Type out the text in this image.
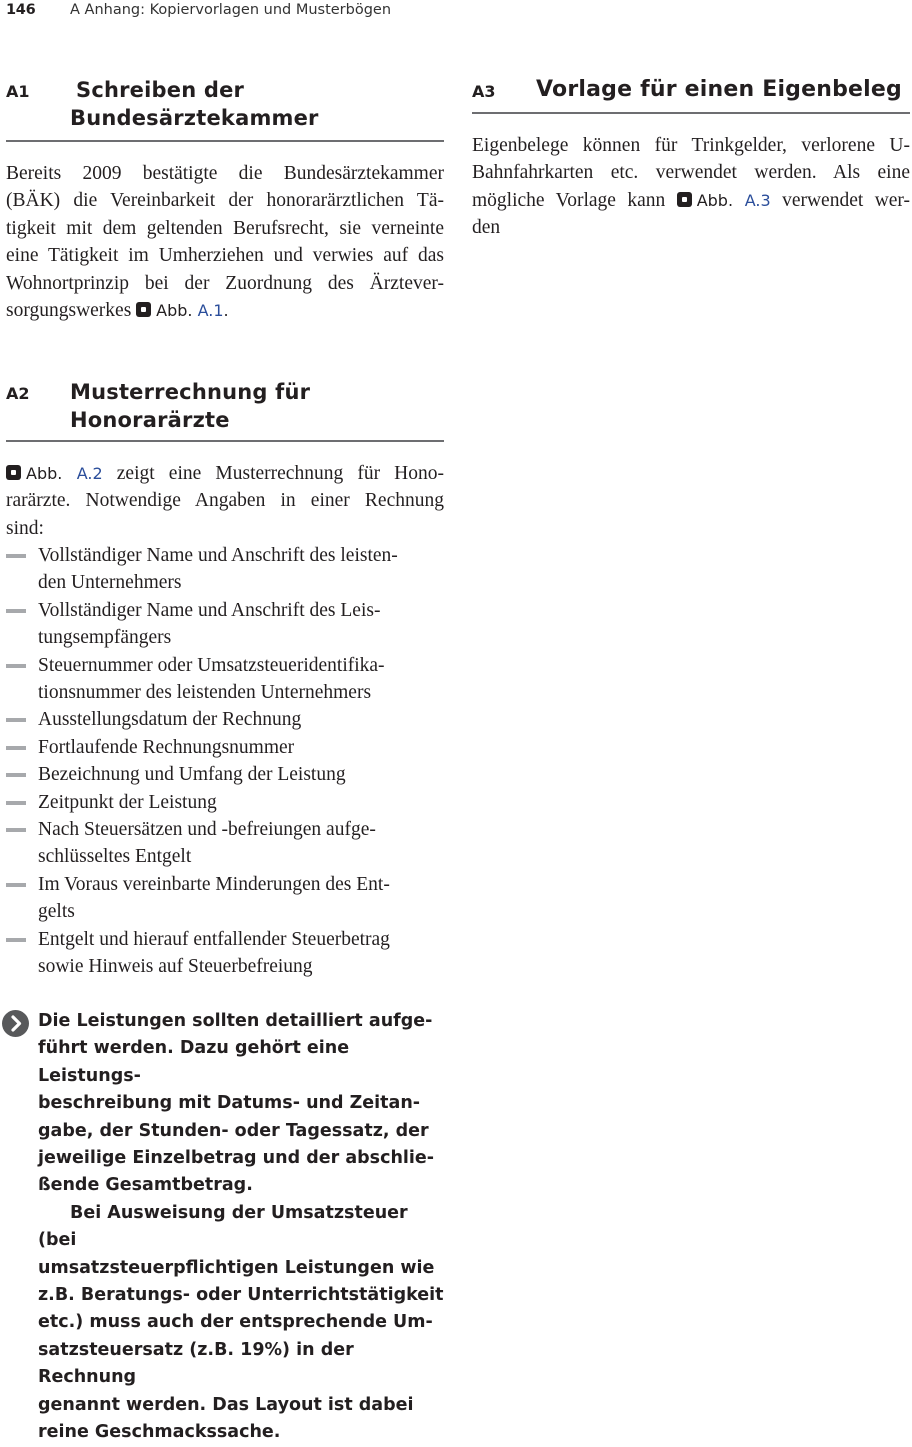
146 A Anhang: Kopiervorlagen und Musterbögen
A1 Schreiben der
Bundesärztekammer
Bereits 2009 bestätigte die Bundesärztekammer
(BÄK) die Vereinbarkeit der honorarärztlichen Tä-
tigkeit mit dem geltenden Berufsrecht, sie verneinte
eine Tätigkeit im Umherziehen und verwies auf das
Wohnortprinzip bei der Zuordnung des Ärztever-
sorgungswerkes Abb. A.1.
A3 Vorlage für einen Eigenbeleg
Eigenbelege können für Trinkgelder, verlorene U-
Bahnfahrkarten etc. verwendet werden. Als eine
mögliche Vorlage kann Abb. A.3 verwendet wer-
den
A2 Musterrechnung für
Honorarärzte
Abb. A.2 zeigt eine Musterrechnung für Hono-
rarärzte. Notwendige Angaben in einer Rechnung
sind:
Vollständiger Name und Anschrift des leisten-
den Unternehmers
Vollständiger Name und Anschrift des Leis-
tungsempfängers
Steuernummer oder Umsatzsteueridentifika-
tionsnummer des leistenden Unternehmers
Ausstellungsdatum der Rechnung
Fortlaufende Rechnungsnummer
Bezeichnung und Umfang der Leistung
Zeitpunkt der Leistung
Nach Steuersätzen und -befreiungen aufge-
schlüsseltes Entgelt
Im Voraus vereinbarte Minderungen des Ent-
gelts
Entgelt und hierauf entfallender Steuerbetrag
sowie Hinweis auf Steuerbefreiung

Die Leistungen sollten detailliert aufge-
führt werden. Dazu gehört eine Leistungs-
beschreibung mit Datums- und Zeitan-
gabe, der Stunden- oder Tagessatz, der
jeweilige Einzelbetrag und der abschlie-
ßende Gesamtbetrag.

Bei Ausweisung der Umsatzsteuer (bei
umsatzsteuerpflichtigen Leistungen wie
z.B. Beratungs- oder Unterrichtstätigkeit
etc.) muss auch der entsprechende Um-
satzsteuersatz (z.B. 19%) in der Rechnung
genannt werden. Das Layout ist dabei
reine Geschmackssache.
